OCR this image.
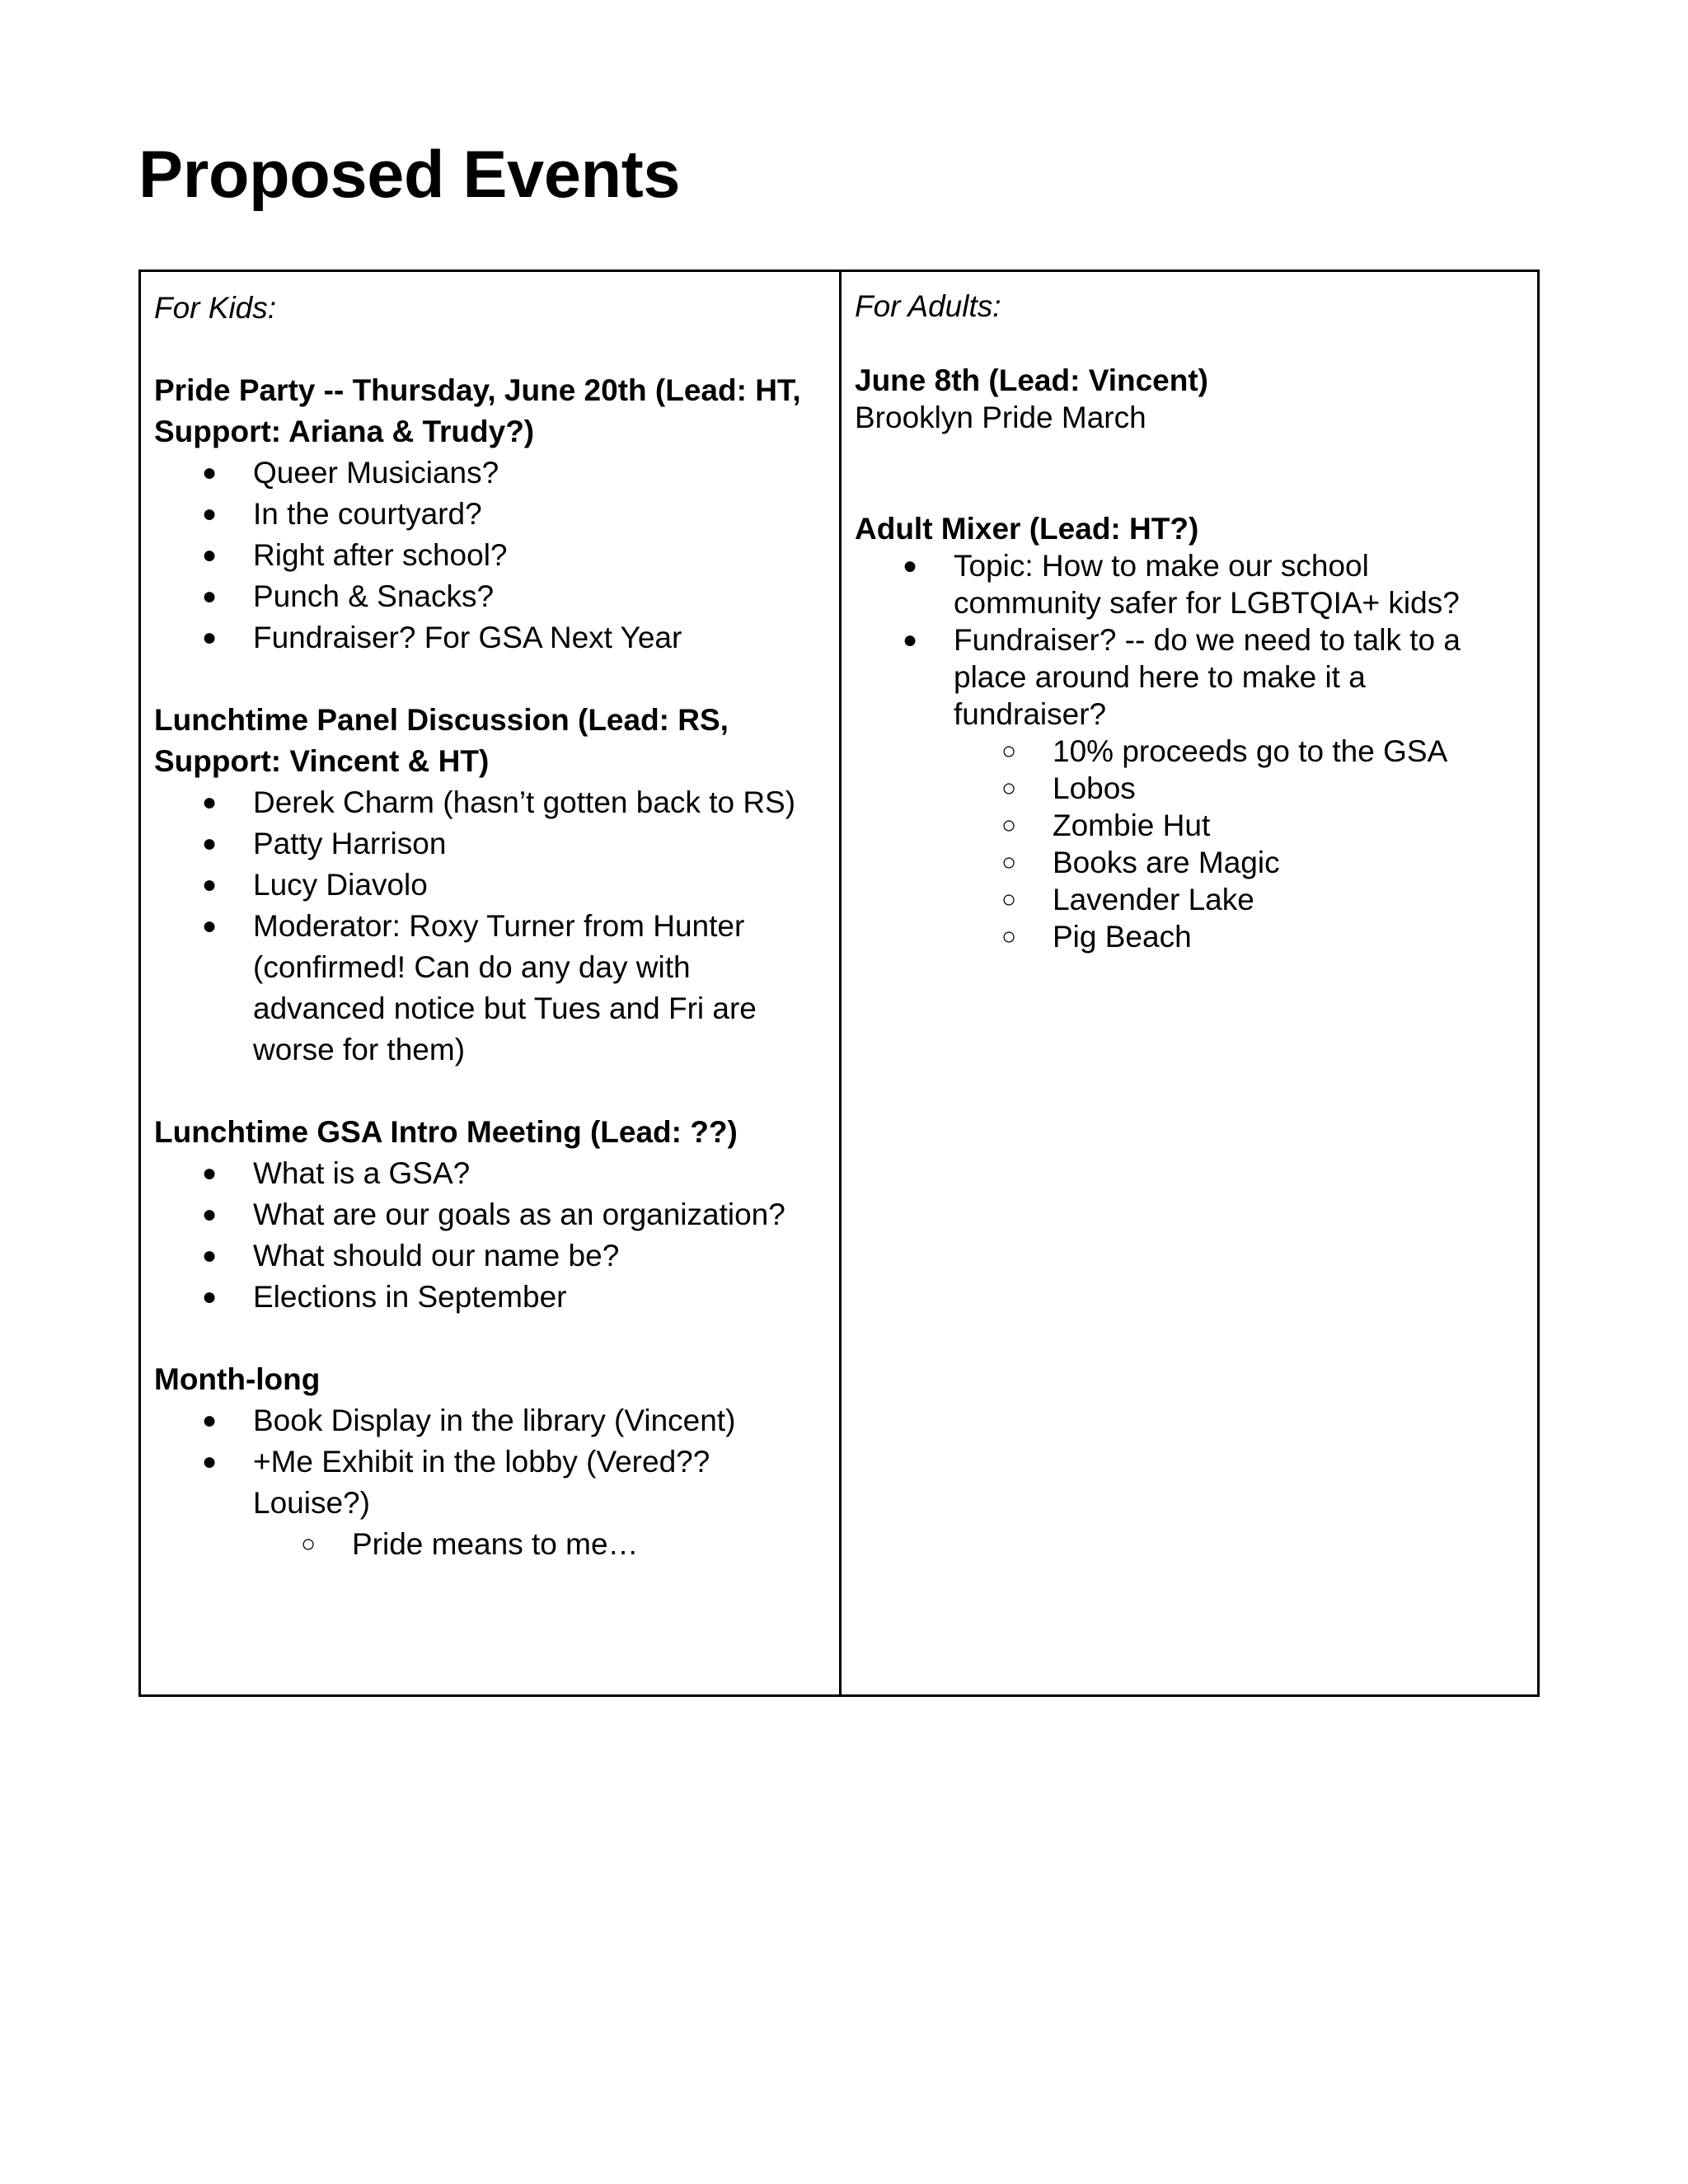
Proposed Events

For Kids:

Pride Party -- Thursday, June 20th (Lead: HT, Support: Ariana & Trudy?)

● Queer Musicians?
● In the courtyard?
● Right after school?
● Punch & Snacks?
● Fundraiser? For GSA Next Year

Lunchtime Panel Discussion (Lead: RS, Support: Vincent & HT)

● Derek Charm (hasn’t gotten back to RS)
● Patty Harrison
● Lucy Diavolo
● Moderator: Roxy Turner from Hunter (confirmed! Can do any day with advanced notice but Tues and Fri are worse for them)

Lunchtime GSA Intro Meeting (Lead: ??)

● What is a GSA?
● What are our goals as an organization?
● What should our name be?
● Elections in September

Month-long

● Book Display in the library (Vincent)
● +Me Exhibit in the lobby (Vered?? Louise?)
○ Pride means to me…

For Adults:

June 8th (Lead: Vincent)

Brooklyn Pride March

Adult Mixer (Lead: HT?)

● Topic: How to make our school community safer for LGBTQIA+ kids?
● Fundraiser? -- do we need to talk to a place around here to make it a fundraiser?
○ 10% proceeds go to the GSA
○ Lobos
○ Zombie Hut
○ Books are Magic
○ Lavender Lake
○ Pig Beach
